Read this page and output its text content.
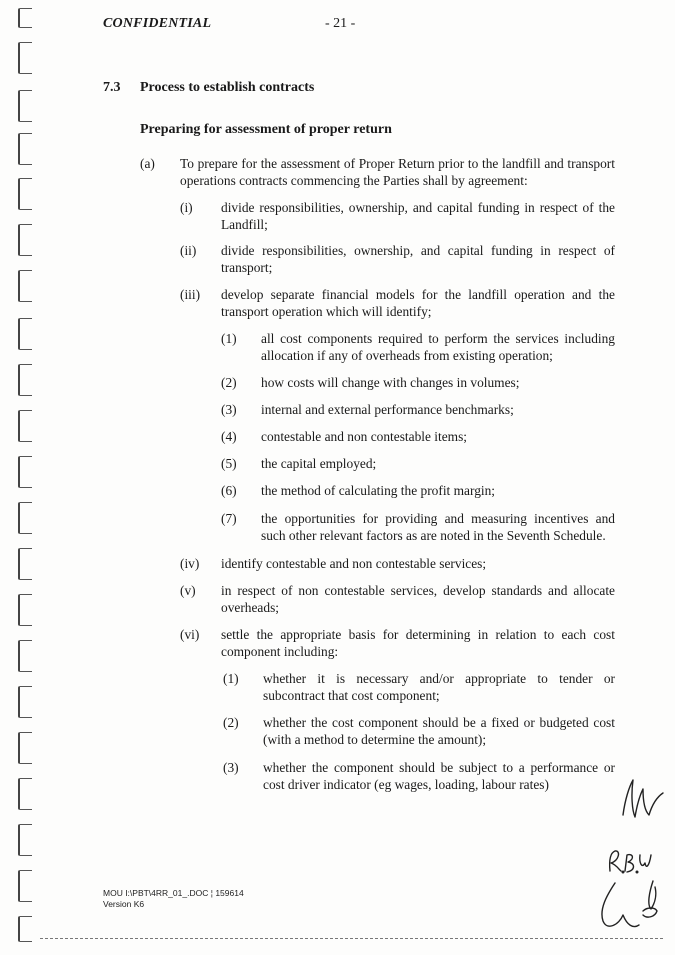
CONFIDENTIAL	- 21 -
7.3 Process to establish contracts
Preparing for assessment of proper return
(a) To prepare for the assessment of Proper Return prior to the landfill and transport operations contracts commencing the Parties shall by agreement:
(i) divide responsibilities, ownership, and capital funding in respect of the Landfill;
(ii) divide responsibilities, ownership, and capital funding in respect of transport;
(iii) develop separate financial models for the landfill operation and the transport operation which will identify;
(1) all cost components required to perform the services including allocation if any of overheads from existing operation;
(2) how costs will change with changes in volumes;
(3) internal and external performance benchmarks;
(4) contestable and non contestable items;
(5) the capital employed;
(6) the method of calculating the profit margin;
(7) the opportunities for providing and measuring incentives and such other relevant factors as are noted in the Seventh Schedule.
(iv) identify contestable and non contestable services;
(v) in respect of non contestable services, develop standards and allocate overheads;
(vi) settle the appropriate basis for determining in relation to each cost component including:
(1) whether it is necessary and/or appropriate to tender or subcontract that cost component;
(2) whether the cost component should be a fixed or budgeted cost (with a method to determine the amount);
(3) whether the component should be subject to a performance or cost driver indicator (eg wages, loading, labour rates)
MOU I:\PBT\4RR_01_.DOC ¦ 159614
Version K6
